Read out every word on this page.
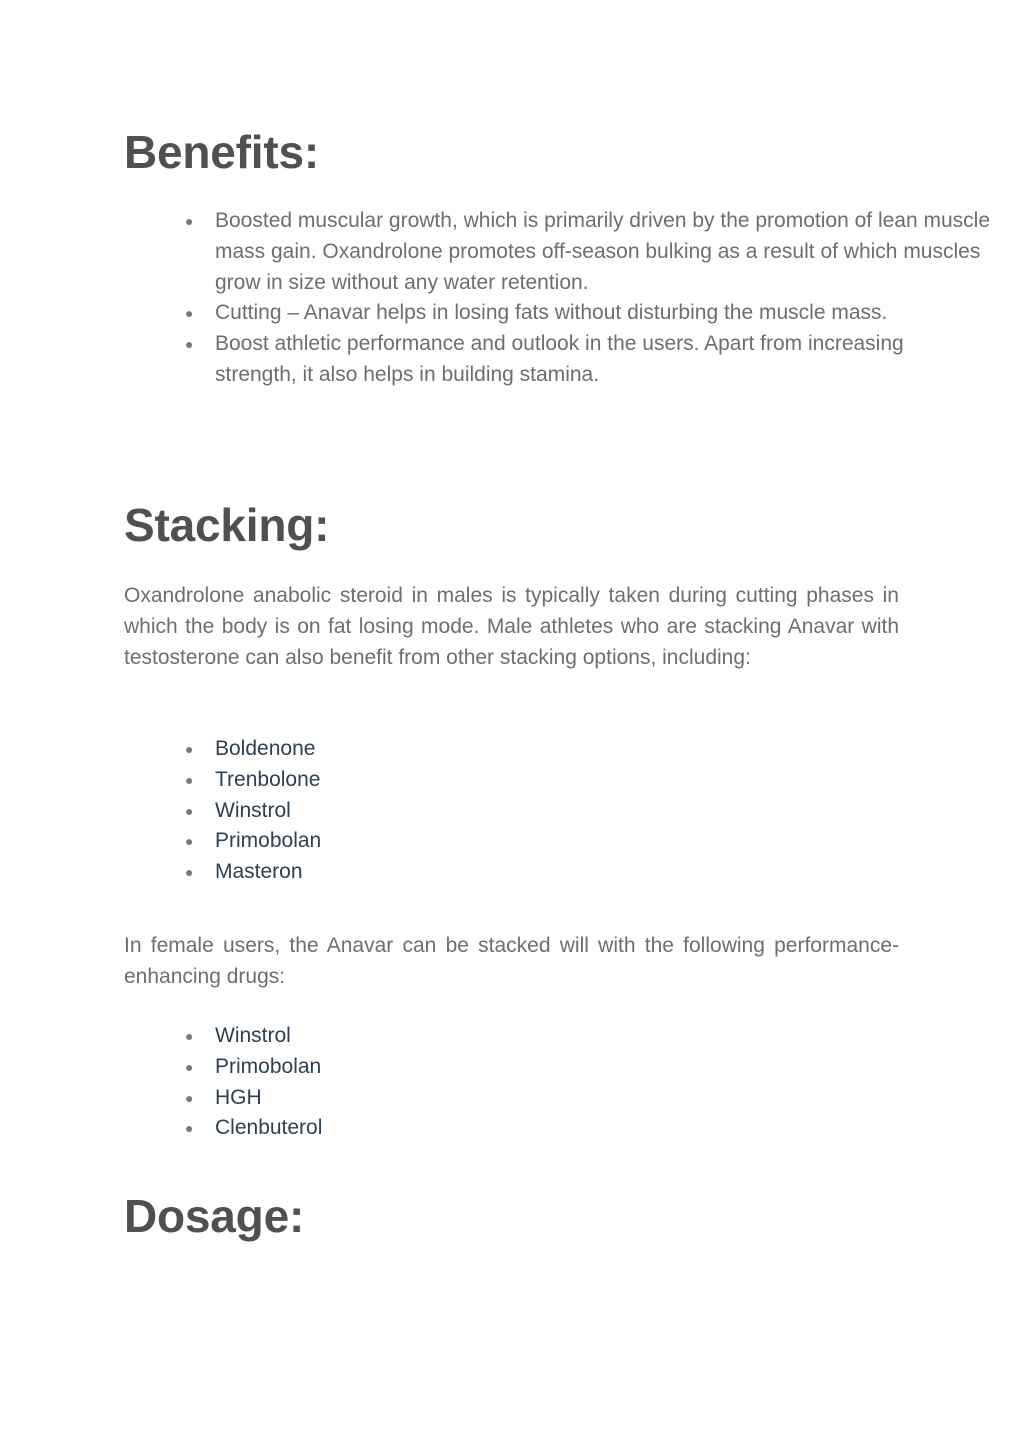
Benefits:
● Boosted muscular growth, which is primarily driven by the promotion of lean muscle mass gain. Oxandrolone promotes off-season bulking as a result of which muscles grow in size without any water retention.
● Cutting – Anavar helps in losing fats without disturbing the muscle mass.
● Boost athletic performance and outlook in the users. Apart from increasing strength, it also helps in building stamina.
Stacking:

Oxandrolone anabolic steroid in males is typically taken during cutting phases in which the body is on fat losing mode. Male athletes who are stacking Anavar with testosterone can also benefit from other stacking options, including:

● Boldenone
● Trenbolone
● Winstrol
● Primobolan
● Masteron

In female users, the Anavar can be stacked will with the following performance-enhancing drugs:

● Winstrol
● Primobolan
● HGH
● Clenbuterol
Dosage:
